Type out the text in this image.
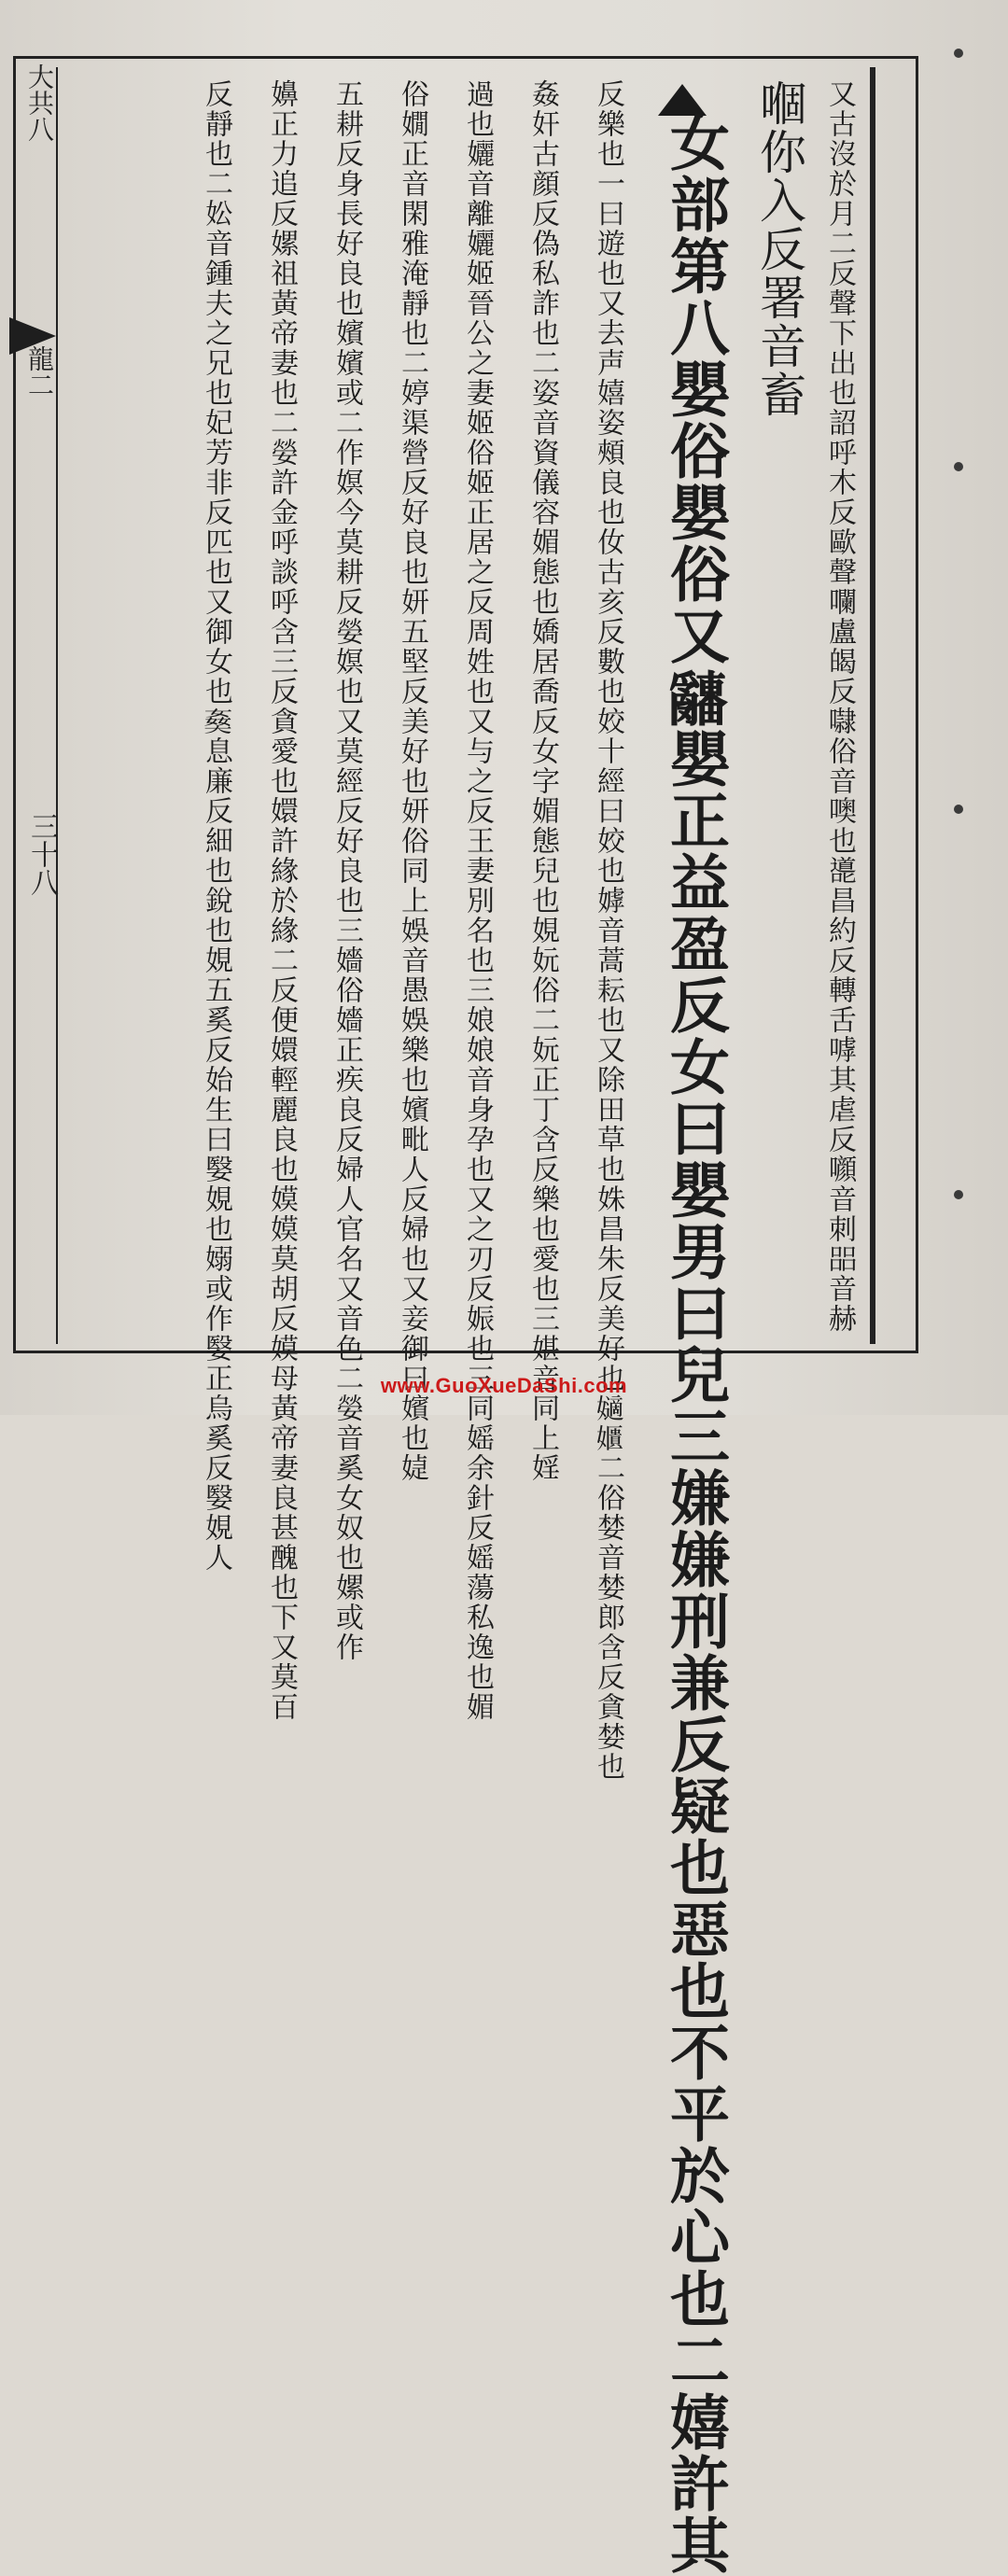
大共八
龍二
三十八	又古沒於月二反聲下出也詔呼木反歐聲㘓盧㿣反㘑俗音噢也㘏昌約反轉舌嘑其虐反㘖音刺㗊音赫
嗰你入反署音畜
女部第八嬰俗嬰俗又𤕌嬰正益盈反女曰嬰男曰兒三嫌嫌刑兼反疑也惡也不平於心也二嬉許其
反樂也一曰遊也又去声嬉姿頰良也㚢古亥反數也姣十經曰姣也嫭音蒿耘也又除田草也姝昌朱反美好也𡣪𡣓二俗婪音婪郎含反貪婪也
姦奸古顔反偽私詐也二姿音資儀容媚態也嬌居喬反女字媚態兒也娊妧俗二妧正丁含反樂也愛也三媅音同上婬
過也孋音離孋姬晉公之妻姬俗姬正居之反周姓也又与之反王妻別名也三娘娘音身孕也又之刃反娠也三同媱余針反媱蕩私逸也媚
俗嫺正音閑雅淹靜也二婷渠營反好良也妍五堅反美好也妍俗同上娛音愚娛樂也嬪毗人反婦也又妾御曰嬪也媫
五耕反身長好良也嬪嬪或二作嫇今莫耕反嫈嫇也又莫經反好良也三嬙俗嬙正疾良反婦人官名又音色二嫈音奚女奴也嫘或作
嬶正力追反嫘祖黃帝妻也二嫈許金呼談呼含三反貪愛也嬛許緣於緣二反便嬛輕麗良也嫫嫫莫胡反嫫母黃帝妻良甚醜也下又莫百
反靜也二妐音鍾夫之兄也妃芳非反匹也又御女也𡟗息廉反細也銳也娊五奚反始生曰嫛娊也嫋或作嫛正烏奚反嫛娊人	www.GuoXueDaShi.com
